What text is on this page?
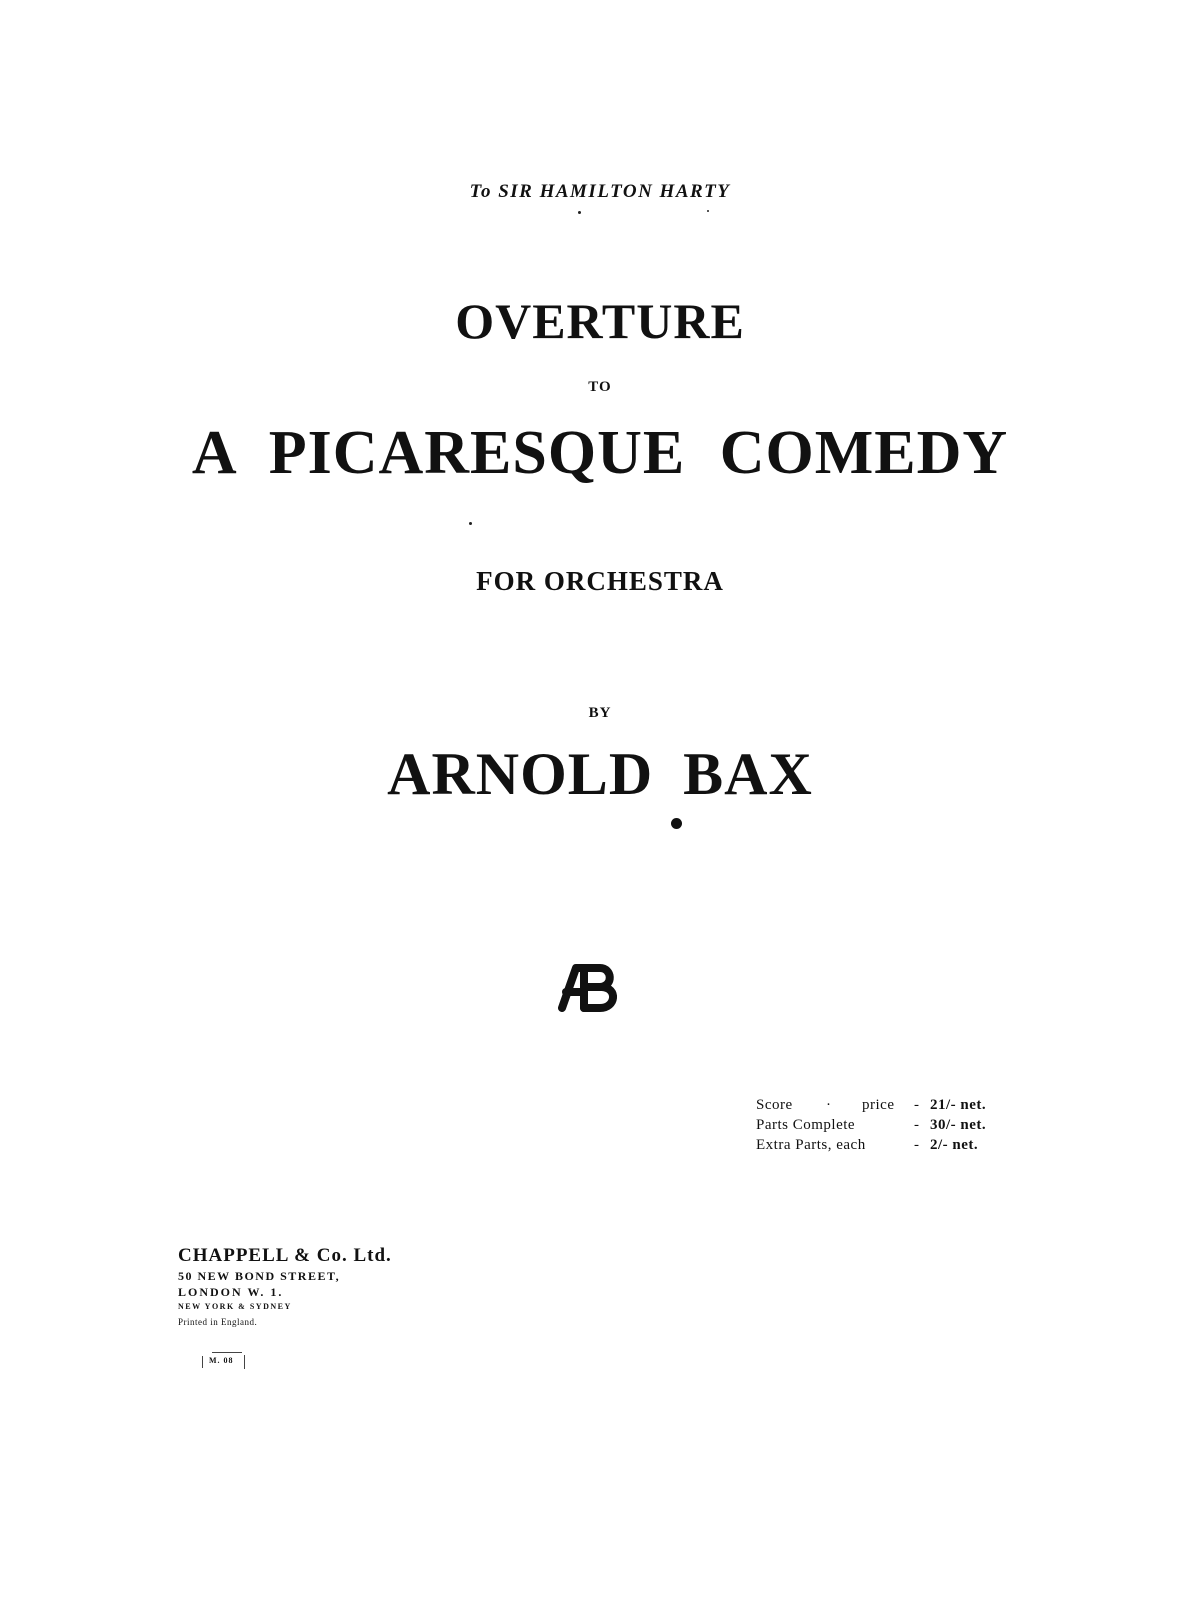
To SIR HAMILTON HARTY
OVERTURE
TO
A PICARESQUE COMEDY
FOR ORCHESTRA
BY
ARNOLD BAX
Score · price - 21/- net.
Parts Complete	- 30/- net.
Extra Parts, each	- 2/- net.
CHAPPELL & Co. Ltd.
50 NEW BOND STREET,
LONDON W. 1.
NEW YORK & SYDNEY
Printed in England.
M. 08
